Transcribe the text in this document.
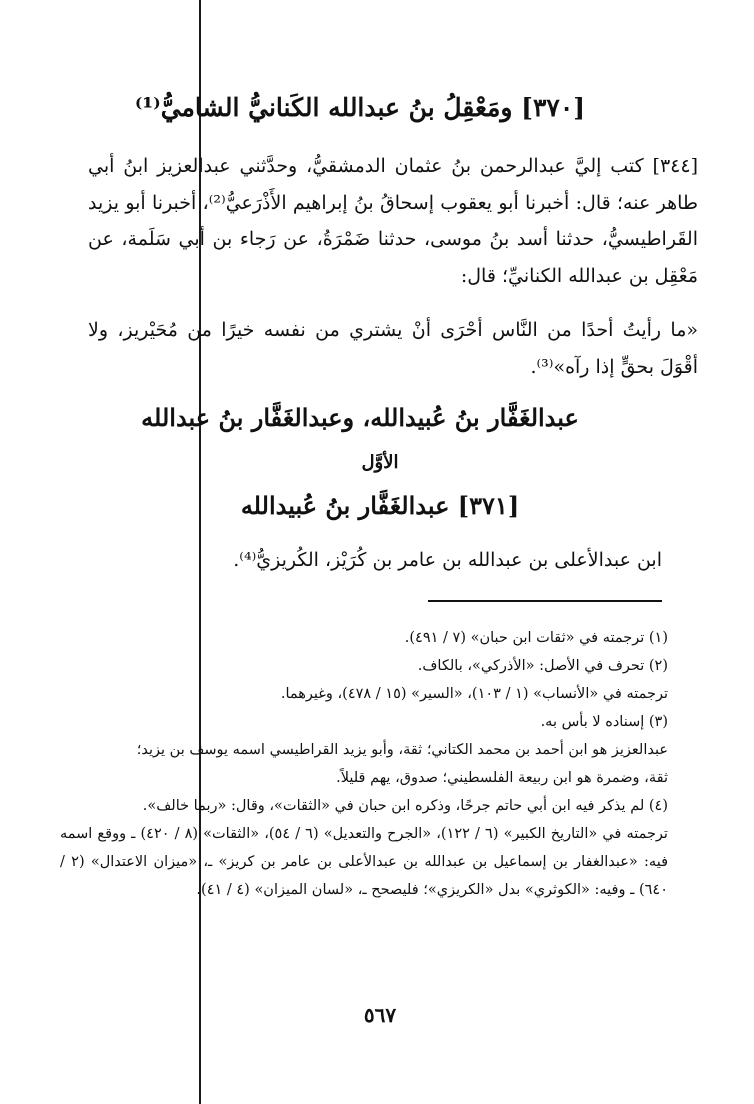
[٣٧٠] ومَعْقِلُ بنُ عبدالله الكَنانيُّ الشاميُّ⁽¹⁾
[٣٤٤] كتب إليَّ عبدالرحمن بنُ عثمان الدمشقيُّ، وحدَّثني عبدالعزيز ابنُ أبي طاهر عنه؛ قال: أخبرنا أبو يعقوب إسحاقُ بنُ إبراهيم الأَذْرَعيُّ⁽²⁾، أخبرنا أبو يزيد القَراطيسيُّ، حدثنا أسد بنُ موسى، حدثنا ضَمْرَةُ، عن رَجاء بن أبي سَلَمة، عن مَعْقِل بن عبدالله الكنانيِّ؛ قال:
«ما رأيتُ أحدًا من النَّاس أحْرَى أنْ يشتري من نفسه خيرًا من مُحَيْريز، ولا أقْوَلَ بحقٍّ إذا رآه»⁽³⁾.
عبدالغَفَّار بنُ عُبيدالله، وعبدالغَفَّار بنُ عبدالله
الأوَّل
[٣٧١] عبدالغَفَّار بنُ عُبيدالله
ابن عبدالأعلى بن عبدالله بن عامر بن كُرَيْز، الكُريزيُّ⁽⁴⁾.

(١) ترجمته في «ثقات ابن حبان» (٧ / ٤٩١).

(٢) تحرف في الأصل: «الأذركي»، بالكاف.

ترجمته في «الأنساب» (١ / ١٠٣)، «السير» (١٥ / ٤٧٨)، وغيرهما.

(٣) إسناده لا بأس به.

عبدالعزيز هو ابن أحمد بن محمد الكتاني؛ ثقة، وأبو يزيد القراطيسي اسمه يوسف بن يزيد؛

ثقة، وضمرة هو ابن ربيعة الفلسطيني؛ صدوق، يهم قليلاً.

(٤) لم يذكر فيه ابن أبي حاتم جرحًا، وذكره ابن حبان في «الثقات»، وقال: «ربما خالف».

ترجمته في «التاريخ الكبير» (٦ / ١٢٢)، «الجرح والتعديل» (٦ / ٥٤)، «الثقات» (٨ / ٤٢٠) ـ ووقع اسمه فيه: «عبدالغفار بن إسماعيل بن عبدالله بن عبدالأعلى بن عامر بن كريز» ـ، «ميزان الاعتدال» (٢ / ٦٤٠) ـ وفيه: «الكوثري» بدل «الكريزي»؛ فليصحح ـ، «لسان الميزان» (٤ / ٤١).

٥٦٧
